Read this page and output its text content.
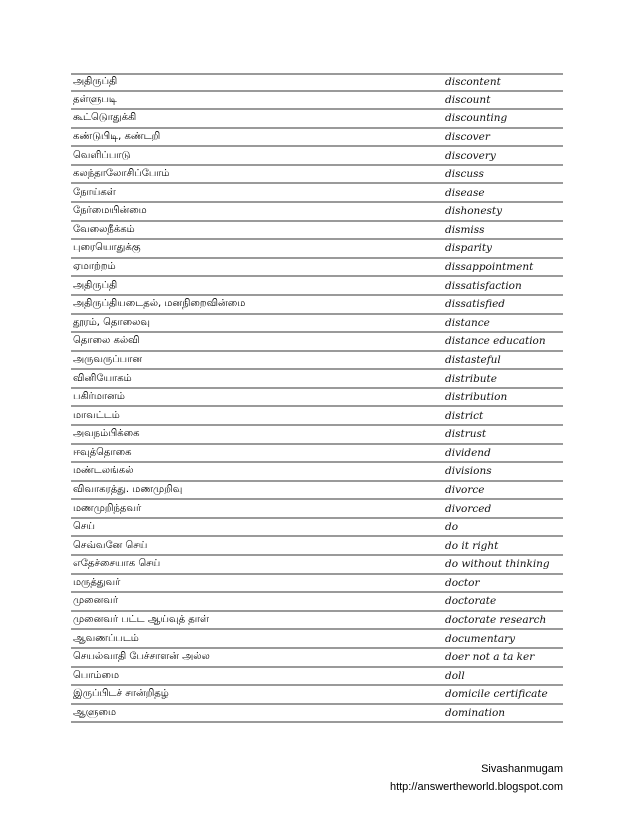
அதிருப்தி	discontent
தள்ளுபடி	discount
கூட்டுொதுக்கி	discounting
கண்டுபிடி, கண்டறி	discover
வெளிப்பாடு	discovery
கலந்தாலோசிப்போம்	discuss
நோய்கள்	disease
நேர்மையின்மை	dishonesty
வேலைநீக்கம்	dismiss
புரையொதுக்கு	disparity
ஏமாற்றம்	dissappointment
அதிருப்தி	dissatisfaction
அதிருப்தியடைதல், மனநிறைவின்மை	dissatisfied
தூரம், தொலைவு	distance
தொலை கல்வி	distance education
அருவருப்பான	distasteful
வினியோகம்	distribute
பகிர்மானம்	distribution
மாவட்டம்	district
அவநம்பிக்கை	distrust
ஈவுத்தொகை	dividend
மண்டலங்கல்	divisions
விவாகரத்து. மணமுறிவு	divorce
மணமுறிந்தவர்	divorced
செய்	do
செவ்வனே செய்	do it right
எதேச்சையாக செய்	do without thinking
மருத்துவர்	doctor
முனைவர்	doctorate
முனைவர் பட்ட ஆய்வுத் தாள்	doctorate research
ஆவணப்படம்	documentary
செயல்வாதி பேச்சாளன் அல்ல	doer not a ta ker
பொம்மை	doll
இருப்பிடச் சான்றிதழ்	domicile certificate
ஆளுமை	domination
Sivashanmugam
http://answertheworld.blogspot.com
